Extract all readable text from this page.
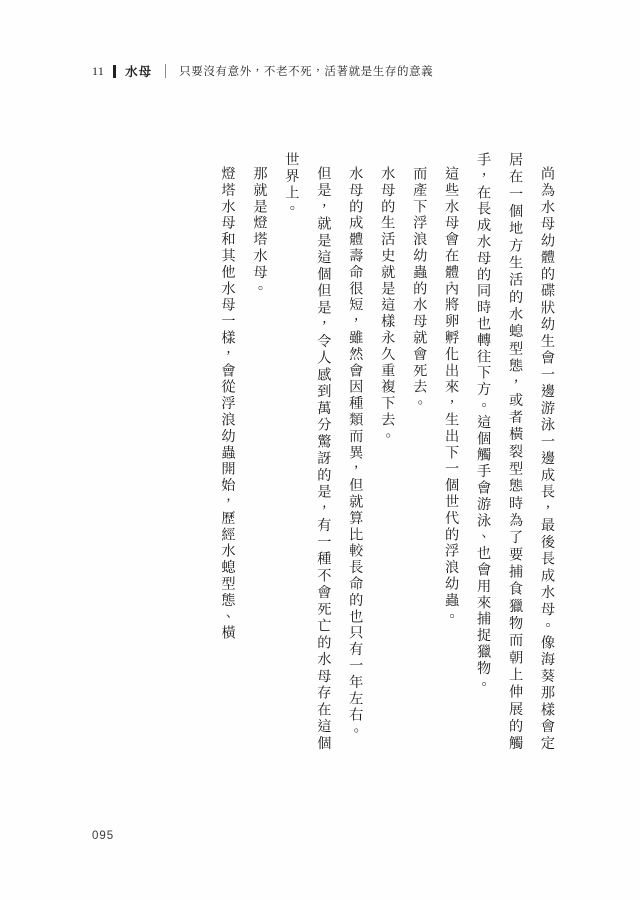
11 水母 只要沒有意外，不老不死，活著就是生存的意義

尚為水母幼體的碟狀幼生會一邊游泳一邊成長，最後長成水母。像海葵那樣會定居在一個地方生活的水螅型態，或者橫裂型態時為了要捕食獵物而朝上伸展的觸手，在長成水母的同時也轉往下方。這個觸手會游泳、也會用來捕捉獵物。

這些水母會在體內將卵孵化出來，生出下一個世代的浮浪幼蟲。

而產下浮浪幼蟲的水母就會死去。

水母的生活史就是這樣永久重複下去。

水母的成體壽命很短，雖然會因種類而異，但就算比較長命的也只有一年左右。

但是，就是這個但是，令人感到萬分驚訝的是，有一種不會死亡的水母存在這個世界上。

那就是燈塔水母。

燈塔水母和其他水母一樣，會從浮浪幼蟲開始，歷經水螅型態、橫

095
